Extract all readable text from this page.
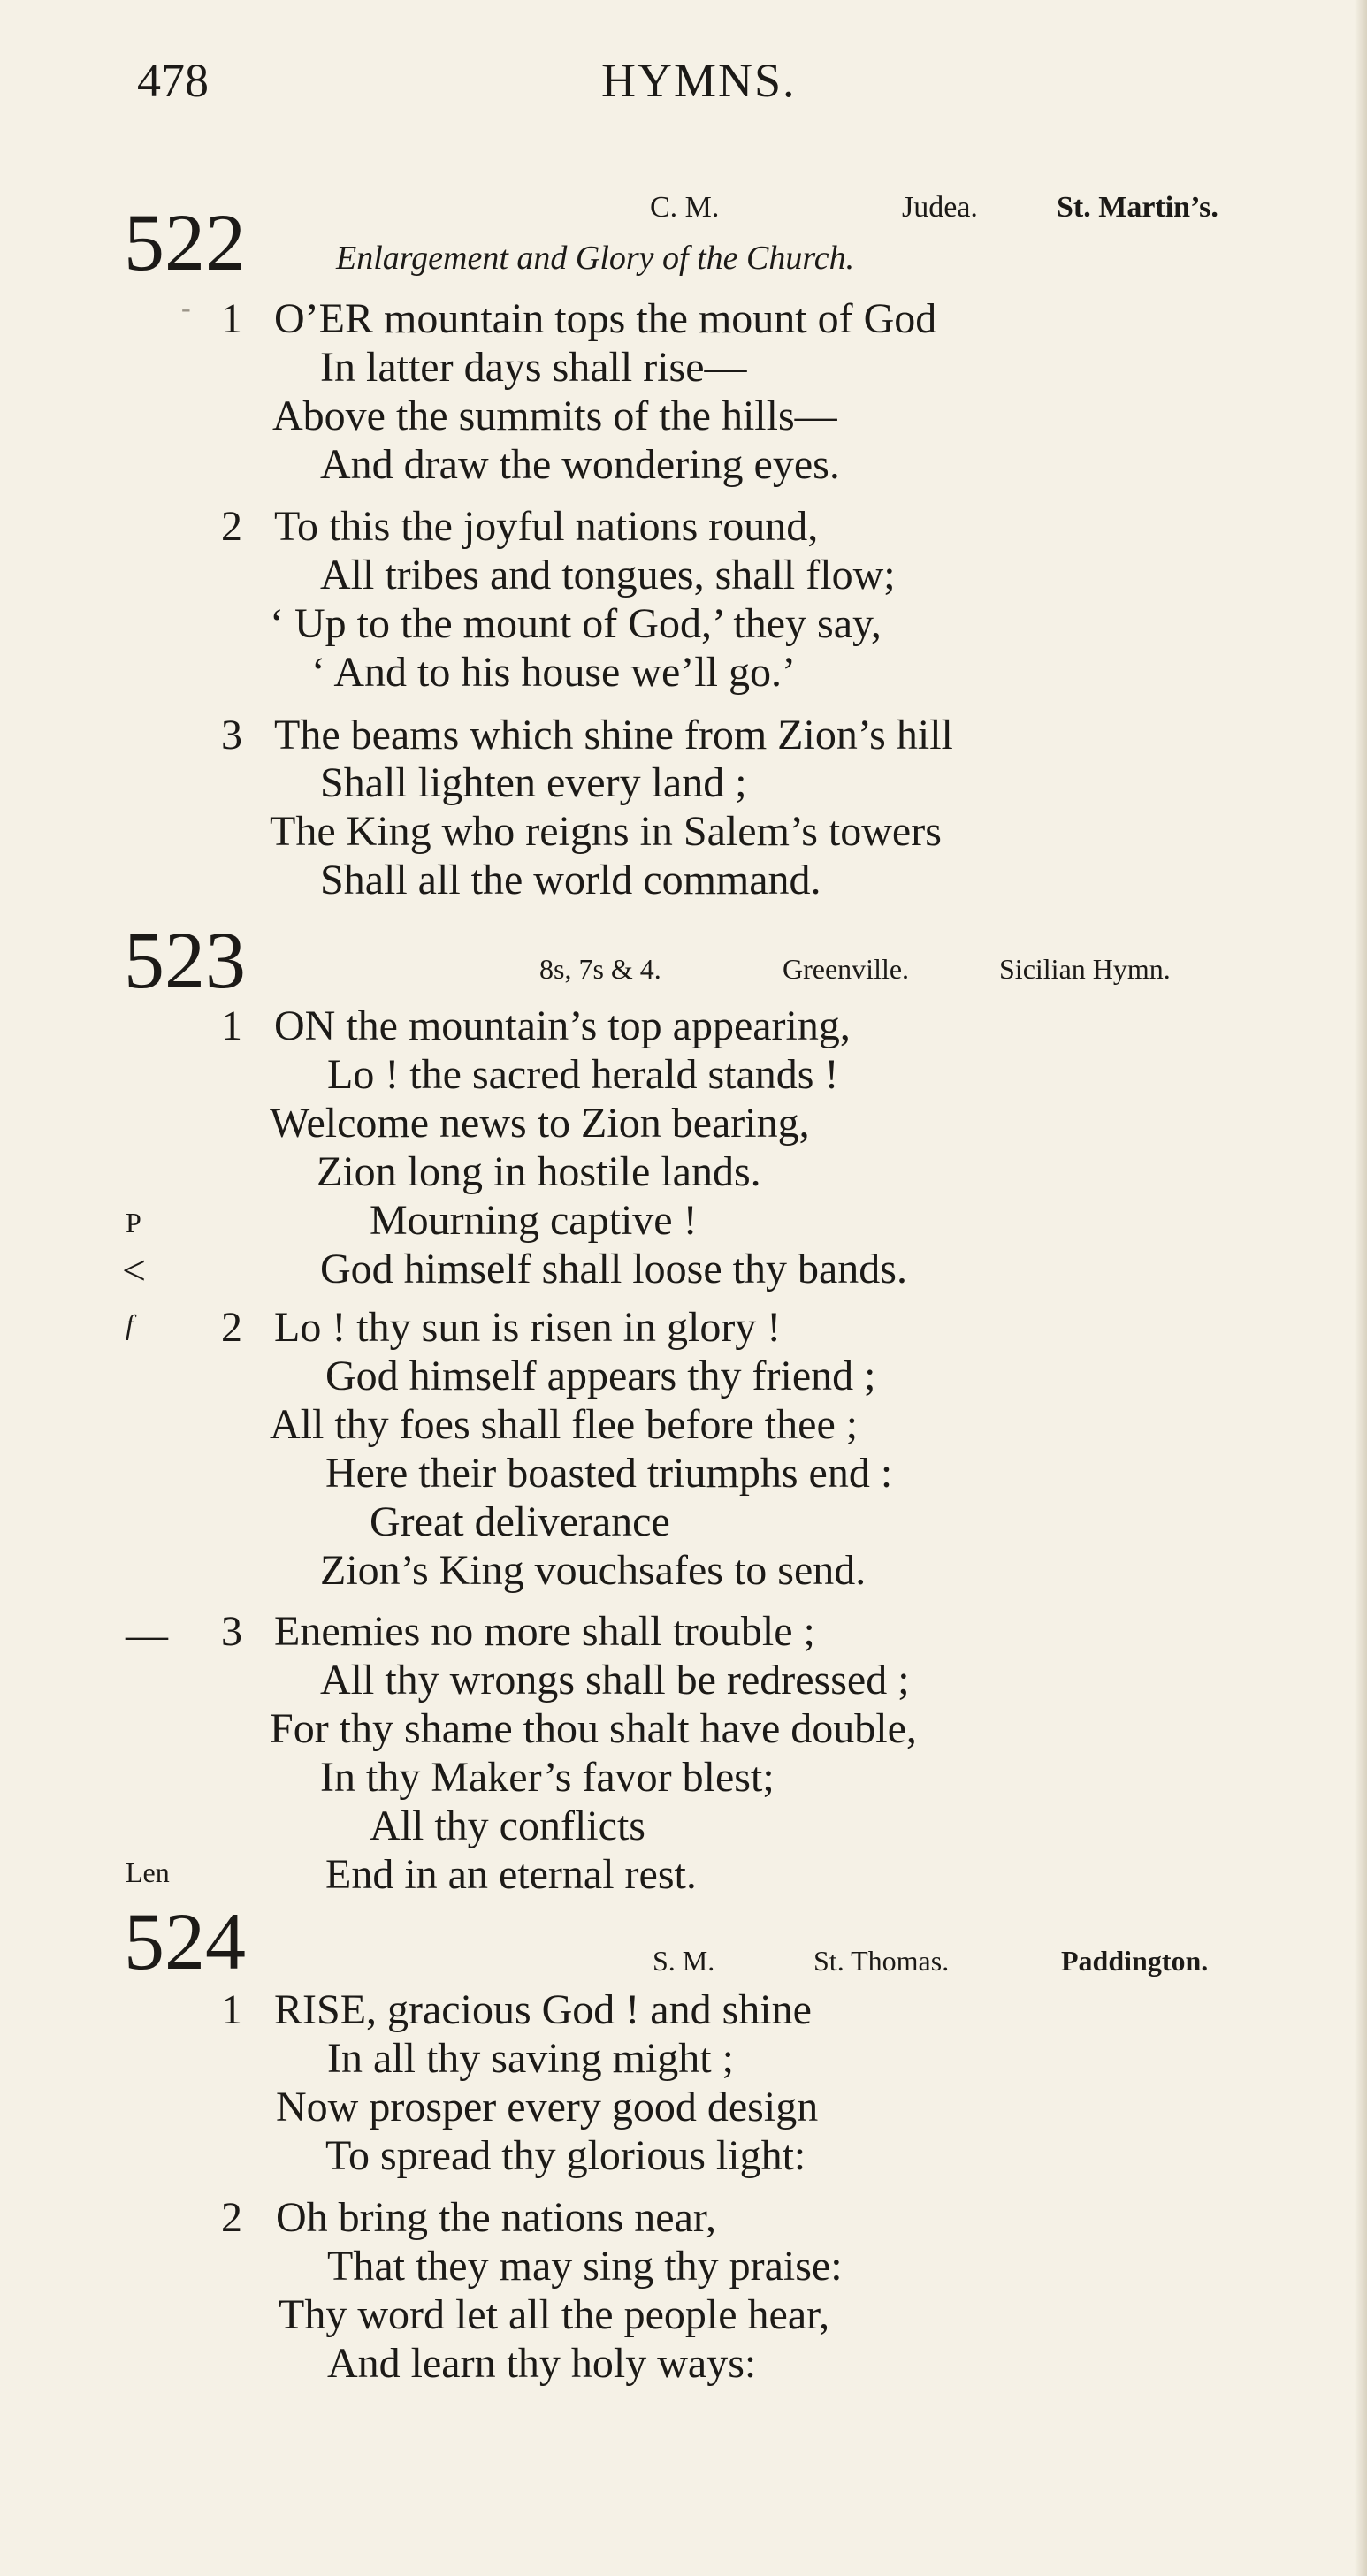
478	HYMNS.
522	C. M.	Judea.	St. Martin’s.
Enlargement and Glory of the Church.
- 1 O’ER mountain tops the mount of God
In latter days shall rise—
Above the summits of the hills—
And draw the wondering eyes.
2 To this the joyful nations round,
All tribes and tongues, shall flow;
‘ Up to the mount of God,’ they say,
‘ And to his house we’ll go.’
3 The beams which shine from Zion’s hill
Shall lighten every land ;
The King who reigns in Salem’s towers
Shall all the world command.
523	8s, 7s & 4.	Greenville.	Sicilian Hymn.
1 ON the mountain’s top appearing,
Lo ! the sacred herald stands !
Welcome news to Zion bearing,
Zion long in hostile lands.
P	Mourning captive !
<	God himself shall loose thy bands.
f 2 Lo ! thy sun is risen in glory !
God himself appears thy friend ;
All thy foes shall flee before thee ;
Here their boasted triumphs end :
Great deliverance
Zion’s King vouchsafes to send.
— 3 Enemies no more shall trouble ;
All thy wrongs shall be redressed ;
For thy shame thou shalt have double,
In thy Maker’s favor blest;
All thy conflicts
Len	End in an eternal rest.
524	S. M.	St. Thomas.	Paddington.
1 RISE, gracious God ! and shine
In all thy saving might ;
Now prosper every good design
To spread thy glorious light:
2 Oh bring the nations near,
That they may sing thy praise:
Thy word let all the people hear,
And learn thy holy ways:
